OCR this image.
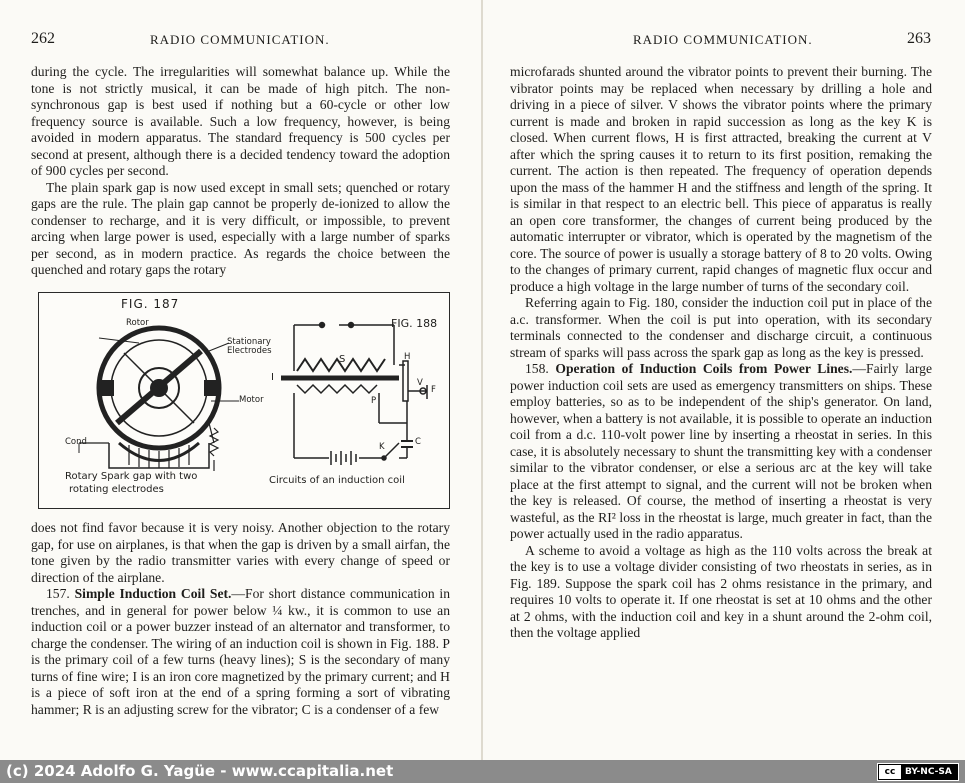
262	RADIO COMMUNICATION.

during the cycle. The irregularities will somewhat balance up. While the tone is not strictly musical, it can be made of high pitch. The non-synchronous gap is best used if nothing but a 60-cycle or other low frequency source is available. Such a low frequency, however, is being avoided in modern apparatus. The standard frequency is 500 cycles per second at present, although there is a decided tendency toward the adoption of 900 cycles per second.

The plain spark gap is now used except in small sets; quenched or rotary gaps are the rule. The plain gap cannot be properly de-ionized to allow the condenser to recharge, and it is very difficult, or impossible, to prevent arcing when large power is used, especially with a large number of sparks per second, as in modern practice. As regards the choice between the quenched and rotary gaps the rotary

FIG. 187
FIG. 188
Rotor
Stationary
Electrodes
Motor
Cond
Rotary Spark gap with two
rotating electrodes
Circuits of an induction coil
S	H
V
F
I
P
K	C

does not find favor because it is very noisy. Another objection to the rotary gap, for use on airplanes, is that when the gap is driven by a small airfan, the tone given by the radio transmitter varies with every change of speed or direction of the airplane.

157. Simple Induction Coil Set.—For short distance communication in trenches, and in general for power below ¼ kw., it is common to use an induction coil or a power buzzer instead of an alternator and transformer, to charge the condenser. The wiring of an induction coil is shown in Fig. 188. P is the primary coil of a few turns (heavy lines); S is the secondary of many turns of fine wire; I is an iron core magnetized by the primary current; and H is a piece of soft iron at the end of a spring forming a sort of vibrating hammer; R is an adjusting screw for the vibrator; C is a condenser of a few

RADIO COMMUNICATION.	263

microfarads shunted around the vibrator points to prevent their burning. The vibrator points may be replaced when necessary by drilling a hole and driving in a piece of silver. V shows the vibrator points where the primary current is made and broken in rapid succession as long as the key K is closed. When current flows, H is first attracted, breaking the current at V after which the spring causes it to return to its first position, remaking the current. The action is then repeated. The frequency of operation depends upon the mass of the hammer H and the stiffness and length of the spring. It is similar in that respect to an electric bell. This piece of apparatus is really an open core transformer, the changes of current being produced by the automatic interrupter or vibrator, which is operated by the magnetism of the core. The source of power is usually a storage battery of 8 to 20 volts. Owing to the changes of primary current, rapid changes of magnetic flux occur and produce a high voltage in the large number of turns of the secondary coil.

Referring again to Fig. 180, consider the induction coil put in place of the a.c. transformer. When the coil is put into operation, with its secondary terminals connected to the condenser and discharge circuit, a continuous stream of sparks will pass across the spark gap as long as the key is pressed.

158. Operation of Induction Coils from Power Lines.—Fairly large power induction coil sets are used as emergency transmitters on ships. These employ batteries, so as to be independent of the ship's generator. On land, however, when a battery is not available, it is possible to operate an induction coil from a d.c. 110-volt power line by inserting a rheostat in series. In this case, it is absolutely necessary to shunt the transmitting key with a condenser similar to the vibrator condenser, or else a serious arc at the key will take place at the first attempt to signal, and the current will not be broken when the key is released. Of course, the method of inserting a rheostat is very wasteful, as the RI² loss in the rheostat is large, much greater in fact, than the power actually used in the radio apparatus.

A scheme to avoid a voltage as high as the 110 volts across the break at the key is to use a voltage divider consisting of two rheostats in series, as in Fig. 189. Suppose the spark coil has 2 ohms resistance in the primary, and requires 10 volts to operate it. If one rheostat is set at 10 ohms and the other at 2 ohms, with the induction coil and key in a shunt around the 2-ohm coil, then the voltage applied

(c) 2024 Adolfo G. Yagüe - www.ccapitalia.net	cc	BY-NC-SA
